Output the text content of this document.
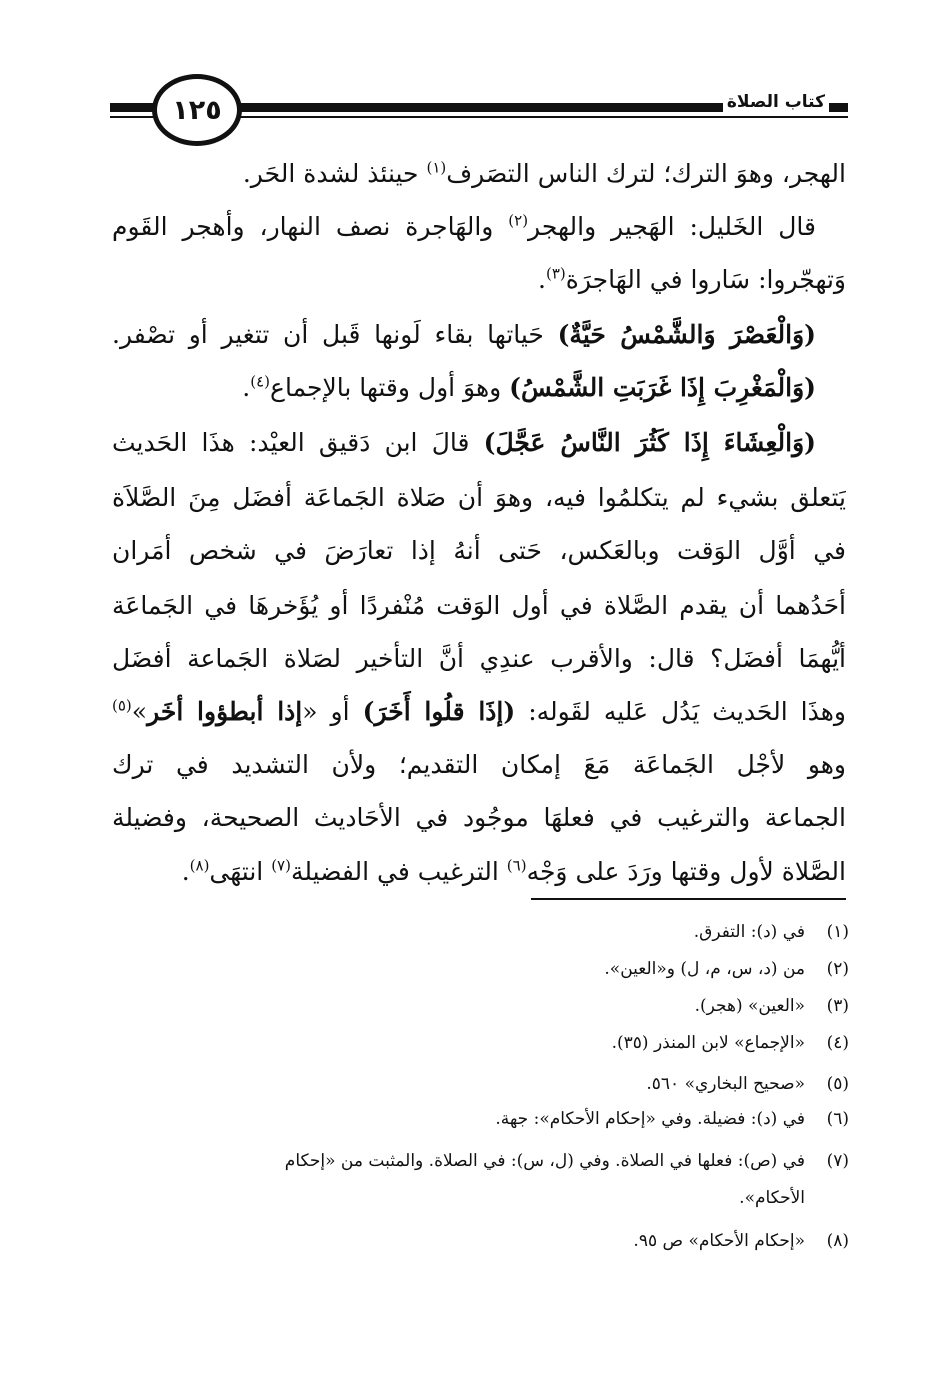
١٢٥	كتاب الصلاة
الهجر، وهوَ الترك؛ لترك الناس التصَرف$^{(١)}$ حينئذ لشدة الحَر.
قال الخَليل: الهَجير والهجر$^{(٢)}$ والهَاجرة نصف النهار، وأهجر القَوم
وَتهجّروا: سَاروا في الهَاجرَة$^{(٣)}$.
(وَالْعَصْرَ وَالشَّمْسُ حَيَّةٌ) حَياتها بقاء لَونها قَبل أن تتغير أو تصْفر.
(وَالْمَغْرِبَ إِذَا غَرَبَتِ الشَّمْسُ) وهوَ أول وقتها بالإجماع$^{(٤)}$.
(وَالْعِشَاءَ إِذَا كَثُرَ النَّاسُ عَجَّلَ) قالَ ابن دَقيق العيْد: هذَا الحَديث
يَتعلق بشيء لم يتكلمُوا فيه، وهوَ أن صَلاة الجَماعَة أفضَل مِنَ الصَّلاَة
في أوَّل الوَقت وبالعَكس، حَتى أنهُ إذا تعارَضَ في شخص أمَران
أحَدُهما أن يقدم الصَّلاة في أول الوَقت مُنْفردًا أو يُؤَخرهَا في الجَماعَة
أيُّهمَا أفضَل؟ قال: والأقرب عندِي أنَّ التأخير لصَلاة الجَماعة أفضَل
وهذَا الحَديث يَدُل عَليه لقَوله: (إذَا قلُوا أَخَرَ) أو «إذا أبطؤوا أخَر»$^{(٥)}$
وهو لأجْل الجَماعَة مَعَ إمكان التقديم؛ ولأن التشديد في ترك
الجماعة والترغيب في فعلهَا موجُود في الأحَاديث الصحيحة، وفضيلة
الصَّلاة لأول وقتها ورَدَ على وَجْه$^{(٦)}$ الترغيب في الفضيلة$^{(٧)}$ انتهَى$^{(٨)}$.
(١)في (د): التفرق.
(٢)من (د، س، م، ل) و«العين».
(٣)«العين» (هجر).
(٤)«الإجماع» لابن المنذر (٣٥).
(٥)«صحيح البخاري» ٥٦٠.
(٦)في (د): فضيلة. وفي «إحكام الأحكام»: جهة.
(٧)في (ص): فعلها في الصلاة. وفي (ل، س): في الصلاة. والمثبت من «إحكام
الأحكام».
(٨)«إحكام الأحكام» ص ٩٥.
